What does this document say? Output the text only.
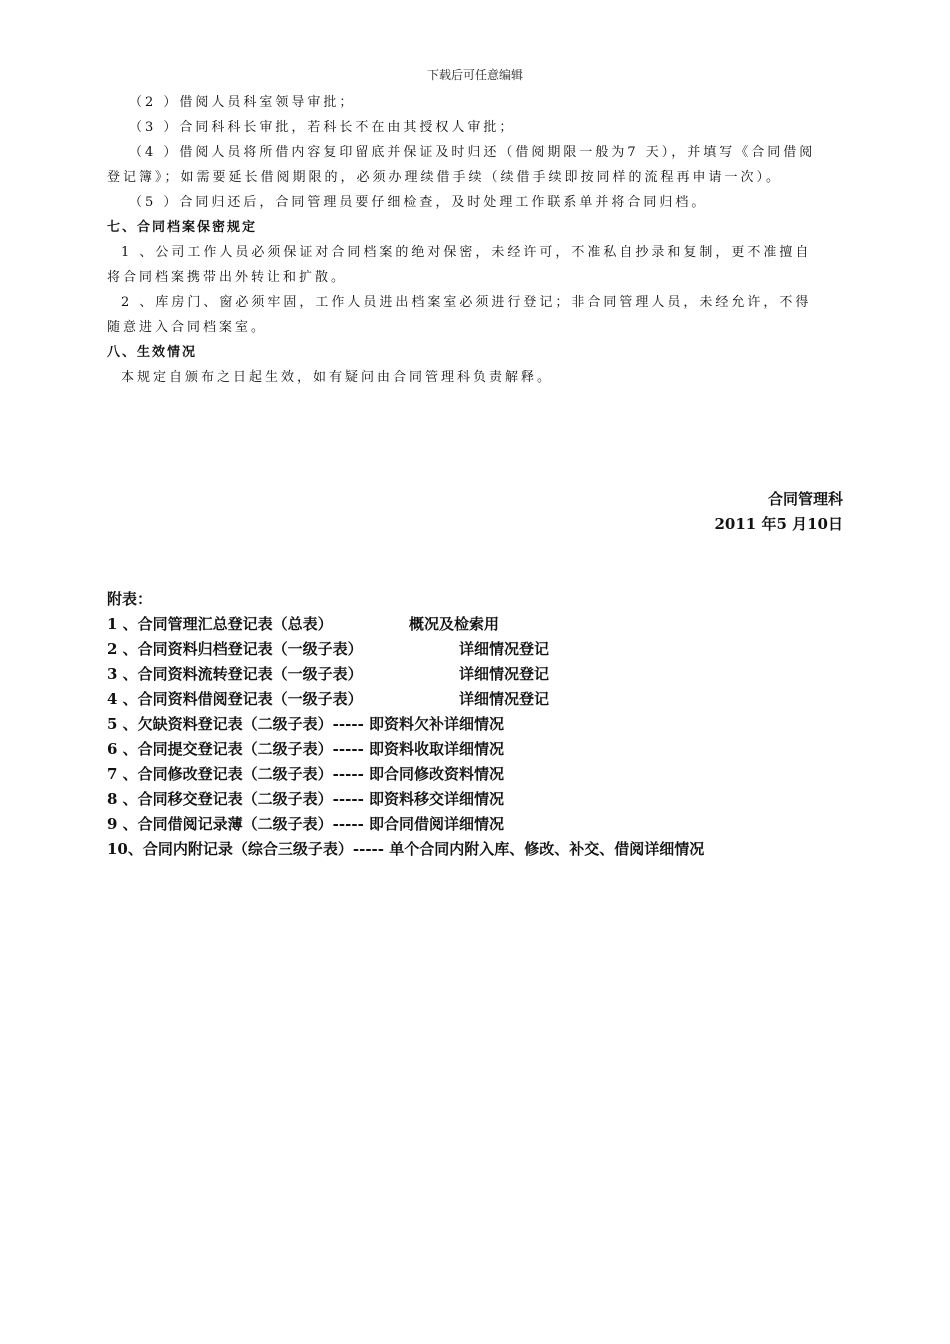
下载后可任意编辑
（2 ）借阅人员科室领导审批；
（3 ）合同科科长审批，若科长不在由其授权人审批；
（4 ）借阅人员将所借内容复印留底并保证及时归还（借阅期限一般为7 天），并填写《合同借阅
登记簿》；如需要延长借阅期限的，必须办理续借手续（续借手续即按同样的流程再申请一次）。
（5 ）合同归还后，合同管理员要仔细检查，及时处理工作联系单并将合同归档。
七、合同档案保密规定
1 、公司工作人员必须保证对合同档案的绝对保密，未经许可，不准私自抄录和复制，更不准擅自
将合同档案携带出外转让和扩散。
2 、库房门、窗必须牢固，工作人员进出档案室必须进行登记；非合同管理人员，未经允许，不得
随意进入合同档案室。
八、生效情况
本规定自颁布之日起生效，如有疑问由合同管理科负责解释。
合同管理科
2011 年5 月10日
附表：
1 、合同管理汇总登记表（总表）	概况及检索用
2 、合同资料归档登记表（一级子表）	详细情况登记
3 、合同资料流转登记表（一级子表）	详细情况登记
4 、合同资料借阅登记表（一级子表）	详细情况登记
5 、欠缺资料登记表（二级子表）----- 即资料欠补详细情况
6 、合同提交登记表（二级子表）----- 即资料收取详细情况
7 、合同修改登记表（二级子表）----- 即合同修改资料情况
8 、合同移交登记表（二级子表）----- 即资料移交详细情况
9 、合同借阅记录薄（二级子表）----- 即合同借阅详细情况
10、合同内附记录（综合三级子表）----- 单个合同内附入库、修改、补交、借阅详细情况
